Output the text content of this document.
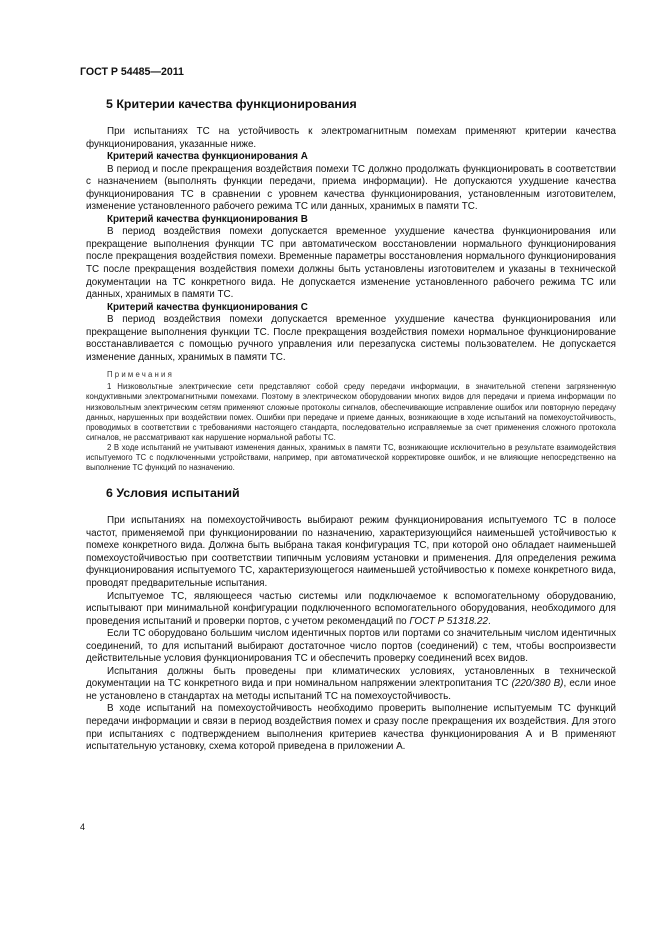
ГОСТ Р 54485—2011
5 Критерии качества функционирования

При испытаниях ТС на устойчивость к электромагнитным помехам применяют критерии качества функционирования, указанные ниже.

Критерий качества функционирования А

В период и после прекращения воздействия помехи ТС должно продолжать функционировать в соответствии с назначением (выполнять функции передачи, приема информации). Не допускаются ухудшение качества функционирования ТС в сравнении с уровнем качества функционирования, установленным изготовителем, изменение установленного рабочего режима ТС или данных, хранимых в памяти ТС.

Критерий качества функционирования В

В период воздействия помехи допускается временное ухудшение качества функционирования или прекращение выполнения функции ТС при автоматическом восстановлении нормального функционирования после прекращения воздействия помехи. Временные параметры восстановления нормального функционирования ТС после прекращения воздействия помехи должны быть установлены изготовителем и указаны в технической документации на ТС конкретного вида. Не допускается изменение установленного рабочего режима ТС или данных, хранимых в памяти ТС.

Критерий качества функционирования С

В период воздействия помехи допускается временное ухудшение качества функционирования или прекращение выполнения функции ТС. После прекращения воздействия помехи нормальное функционирование восстанавливается с помощью ручного управления или перезапуска системы пользователем. Не допускается изменение данных, хранимых в памяти ТС.

Примечания

1 Низковольтные электрические сети представляют собой среду передачи информации, в значительной степени загрязненную кондуктивными электромагнитными помехами. Поэтому в электрическом оборудовании многих видов для передачи и приема информации по низковольтным электрическим сетям применяют сложные протоколы сигналов, обеспечивающие исправление ошибок или повторную передачу данных, нарушенных при воздействии помех. Ошибки при передаче и приеме данных, возникающие в ходе испытаний на помехоустойчивость, проводимых в соответствии с требованиями настоящего стандарта, последовательно исправляемые за счет применения сложного протокола сигналов, не рассматривают как нарушение нормальной работы ТС.

2 В ходе испытаний не учитывают изменения данных, хранимых в памяти ТС, возникающие исключительно в результате взаимодействия испытуемого ТС с подключенными устройствами, например, при автоматической корректировке ошибок, и не влияющие непосредственно на выполнение ТС функций по назначению.

6 Условия испытаний

При испытаниях на помехоустойчивость выбирают режим функционирования испытуемого ТС в полосе частот, применяемой при функционировании по назначению, характеризующийся наименьшей устойчивостью к помехе конкретного вида. Должна быть выбрана такая конфигурация ТС, при которой оно обладает наименьшей помехоустойчивостью при соответствии типичным условиям установки и применения. Для определения режима функционирования испытуемого ТС, характеризующегося наименьшей устойчивостью к помехе конкретного вида, проводят предварительные испытания.

Испытуемое ТС, являющееся частью системы или подключаемое к вспомогательному оборудованию, испытывают при минимальной конфигурации подключенного вспомогательного оборудования, необходимого для проведения испытаний и проверки портов, с учетом рекомендаций по ГОСТ Р 51318.22.

Если ТС оборудовано большим числом идентичных портов или портами со значительным числом идентичных соединений, то для испытаний выбирают достаточное число портов (соединений) с тем, чтобы воспроизвести действительные условия функционирования ТС и обеспечить проверку соединений всех видов.

Испытания должны быть проведены при климатических условиях, установленных в технической документации на ТС конкретного вида и при номинальном напряжении электропитания ТС (220/380 В), если иное не установлено в стандартах на методы испытаний ТС на помехоустойчивость.

В ходе испытаний на помехоустойчивость необходимо проверить выполнение испытуемым ТС функций передачи информации и связи в период воздействия помех и сразу после прекращения их воздействия. Для этого при испытаниях с подтверждением выполнения критериев качества функционирования А и В применяют испытательную установку, схема которой приведена в приложении А.

4
